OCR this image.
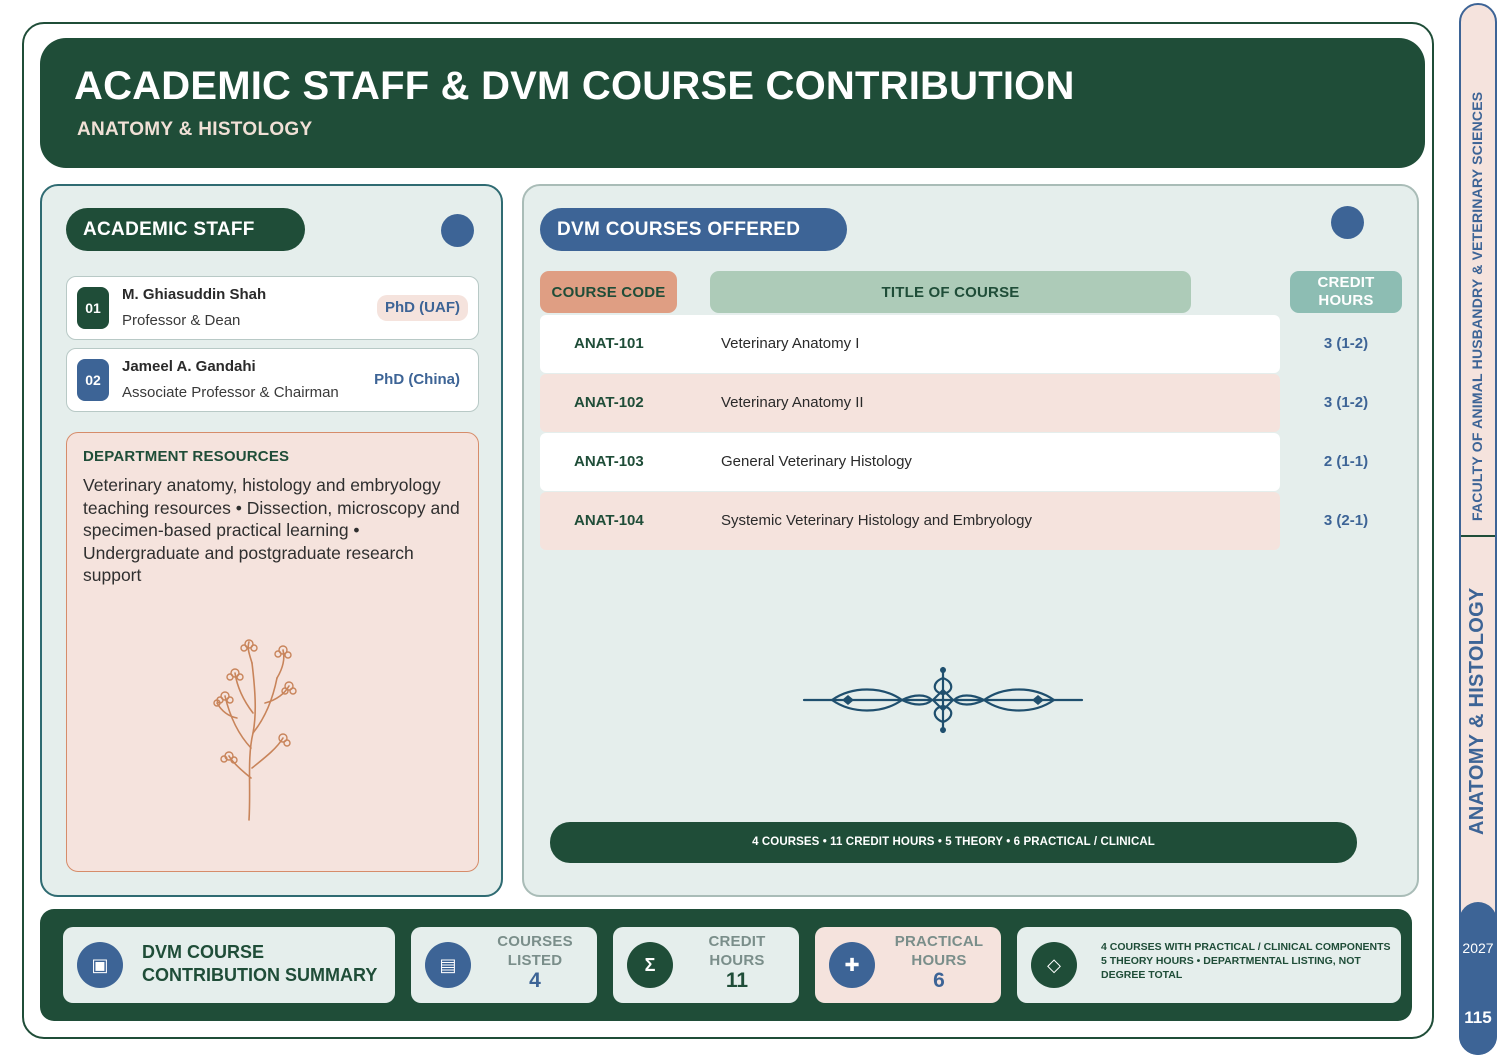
ACADEMIC STAFF & DVM COURSE CONTRIBUTION
ANATOMY & HISTOLOGY
ACADEMIC STAFF
01
M. Ghiasuddin Shah
Professor & Dean
PhD (UAF)
02
Jameel A. Gandahi
Associate Professor & Chairman
PhD (China)
DEPARTMENT RESOURCES
Veterinary anatomy, histology and embryology teaching resources • Dissection, microscopy and specimen-based practical learning • Undergraduate and postgraduate research support
DVM COURSES OFFERED
COURSE CODE	TITLE OF COURSE
CREDIT
HOURS
ANAT-101	Veterinary Anatomy I	3 (1-2)
ANAT-102	Veterinary Anatomy II	3 (1-2)
ANAT-103	General Veterinary Histology	2 (1-1)
ANAT-104	Systemic Veterinary Histology and Embryology	3 (2-1)
4 COURSES • 11 CREDIT HOURS • 5 THEORY • 6 PRACTICAL / CLINICAL
▣
DVM COURSE
CONTRIBUTION SUMMARY	▤
COURSES
LISTED
4
Σ
CREDIT
HOURS
11
✚
PRACTICAL
HOURS
6
◇
4 COURSES WITH PRACTICAL / CLINICAL COMPONENTS
5 THEORY HOURS • DEPARTMENTAL LISTING, NOT DEGREE TOTAL
FACULTY OF ANIMAL HUSBANDRY & VETERINARY SCIENCES
ANATOMY & HISTOLOGY
2027
115
